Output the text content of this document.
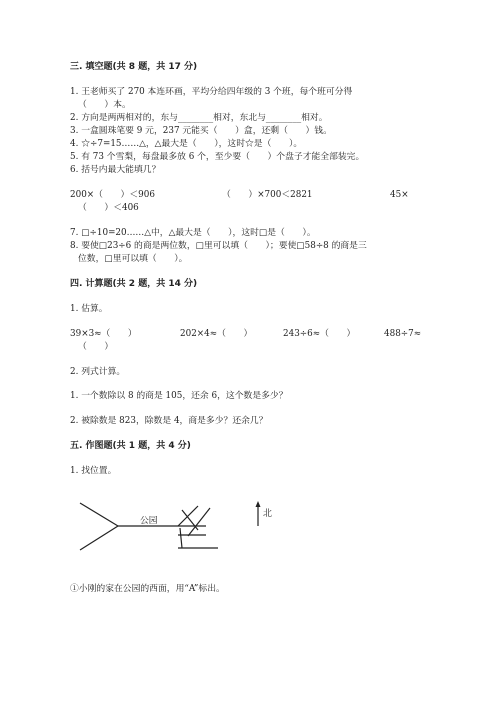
三. 填空题(共 8 题，共 17 分)
1. 王老师买了 270 本连环画，平均分给四年级的 3 个班，每个班可分得
（　　）本。
2. 方向是两两相对的，东与________相对，东北与________相对。
3. 一盒圆珠笔要 9 元，237 元能买（　　）盒，还剩（　　）钱。
4. ☆÷7=15……△，△最大是（　　），这时☆是（　　）。
5. 有 73 个雪梨，每盘最多放 6 个，至少要（　　）个盘子才能全部装完。
6. 括号内最大能填几？
200×（　　）＜906	（　　）×700＜2821	45×
（　　）＜406
7. □÷10=20……△中，△最大是（　　），这时□是（　　）。
8. 要使□23÷6 的商是两位数，□里可以填（　　）；要使□58÷8 的商是三
位数，□里可以填（　　）。
四. 计算题(共 2 题，共 14 分)
1. 估算。
39×3≈（　　）	202×4≈（　　）	243÷6≈（　　）	488÷7≈
（　　）
2. 列式计算。
1. 一个数除以 8 的商是 105，还余 6，这个数是多少？
2. 被除数是 823，除数是 4，商是多少？还余几？
五. 作图题(共 1 题，共 4 分)
1. 找位置。
公园
北
①小刚的家在公园的西面，用“A”标出。
